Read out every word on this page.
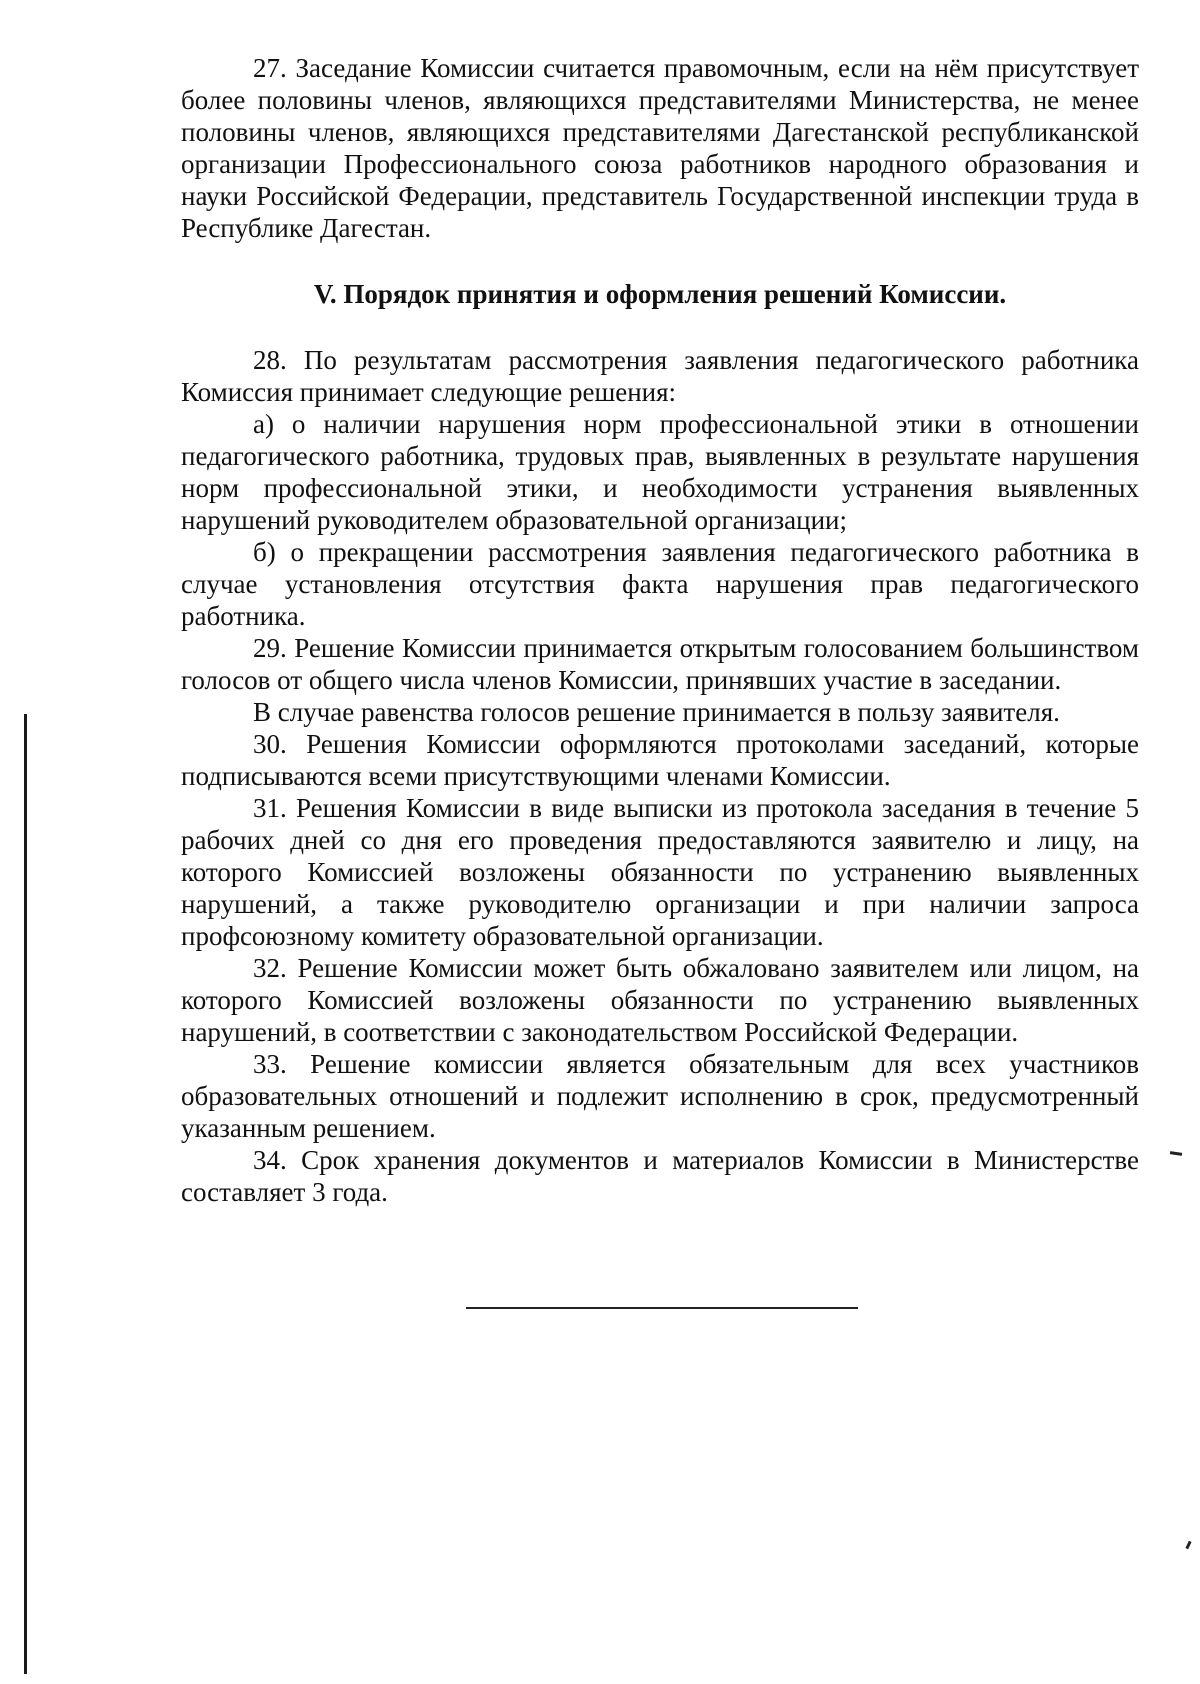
27. Заседание Комиссии считается правомочным, если на нём присутствует более половины членов, являющихся представителями Министерства, не менее половины членов, являющихся представителями Дагестанской республиканской организации Профессионального союза работников народного образования и науки Российской Федерации, представитель Государственной инспекции труда в Республике Дагестан.

V. Порядок принятия и оформления решений Комиссии.

28. По результатам рассмотрения заявления педагогического работника Комиссия принимает следующие решения:

а) о наличии нарушения норм профессиональной этики в отношении педагогического работника, трудовых прав, выявленных в результате нарушения норм профессиональной этики, и необходимости устранения выявленных нарушений руководителем образовательной организации;

б) о прекращении рассмотрения заявления педагогического работника в случае установления отсутствия факта нарушения прав педагогического работника.

29. Решение Комиссии принимается открытым голосованием большинством голосов от общего числа членов Комиссии, принявших участие в заседании.

В случае равенства голосов решение принимается в пользу заявителя.

30. Решения Комиссии оформляются протоколами заседаний, которые подписываются всеми присутствующими членами Комиссии.

31. Решения Комиссии в виде выписки из протокола заседания в течение 5 рабочих дней со дня его проведения предоставляются заявителю и лицу, на которого Комиссией возложены обязанности по устранению выявленных нарушений, а также руководителю организации и при наличии запроса профсоюзному комитету образовательной организации.

32. Решение Комиссии может быть обжаловано заявителем или лицом, на которого Комиссией возложены обязанности по устранению выявленных нарушений, в соответствии с законодательством Российской Федерации.

33. Решение комиссии является обязательным для всех участников образовательных отношений и подлежит исполнению в срок, предусмотренный указанным решением.

34. Срок хранения документов и материалов Комиссии в Министерстве составляет 3 года.
